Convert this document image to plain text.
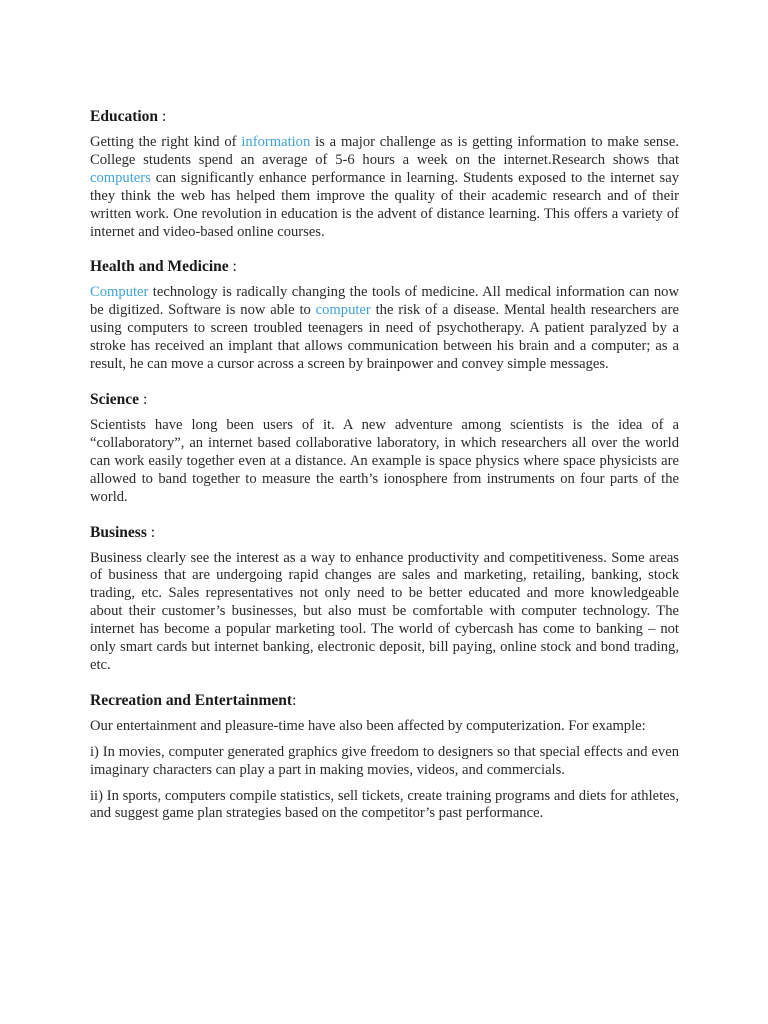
Education :

Getting the right kind of information is a major challenge as is getting information to make sense. College students spend an average of 5-6 hours a week on the internet.Research shows that computers can significantly enhance performance in learning. Students exposed to the internet say they think the web has helped them improve the quality of their academic research and of their written work. One revolution in education is the advent of distance learning. This offers a variety of internet and video-based online courses.

Health and Medicine :

Computer technology is radically changing the tools of medicine. All medical information can now be digitized. Software is now able to computer the risk of a disease. Mental health researchers are using computers to screen troubled teenagers in need of psychotherapy. A patient paralyzed by a stroke has received an implant that allows communication between his brain and a computer; as a result, he can move a cursor across a screen by brainpower and convey simple messages.

Science :

Scientists have long been users of it. A new adventure among scientists is the idea of a “collaboratory”, an internet based collaborative laboratory, in which researchers all over the world can work easily together even at a distance. An example is space physics where space physicists are allowed to band together to measure the earth’s ionosphere from instruments on four parts of the world.

Business :

Business clearly see the interest as a way to enhance productivity and competitiveness. Some areas of business that are undergoing rapid changes are sales and marketing, retailing, banking, stock trading, etc. Sales representatives not only need to be better educated and more knowledgeable about their customer’s businesses, but also must be comfortable with computer technology. The internet has become a popular marketing tool. The world of cybercash has come to banking – not only smart cards but internet banking, electronic deposit, bill paying, online stock and bond trading, etc.

Recreation and Entertainment:

Our entertainment and pleasure-time have also been affected by computerization. For example:

i) In movies, computer generated graphics give freedom to designers so that special effects and even imaginary characters can play a part in making movies, videos, and commercials.

ii) In sports, computers compile statistics, sell tickets, create training programs and diets for athletes, and suggest game plan strategies based on the competitor’s past performance.
